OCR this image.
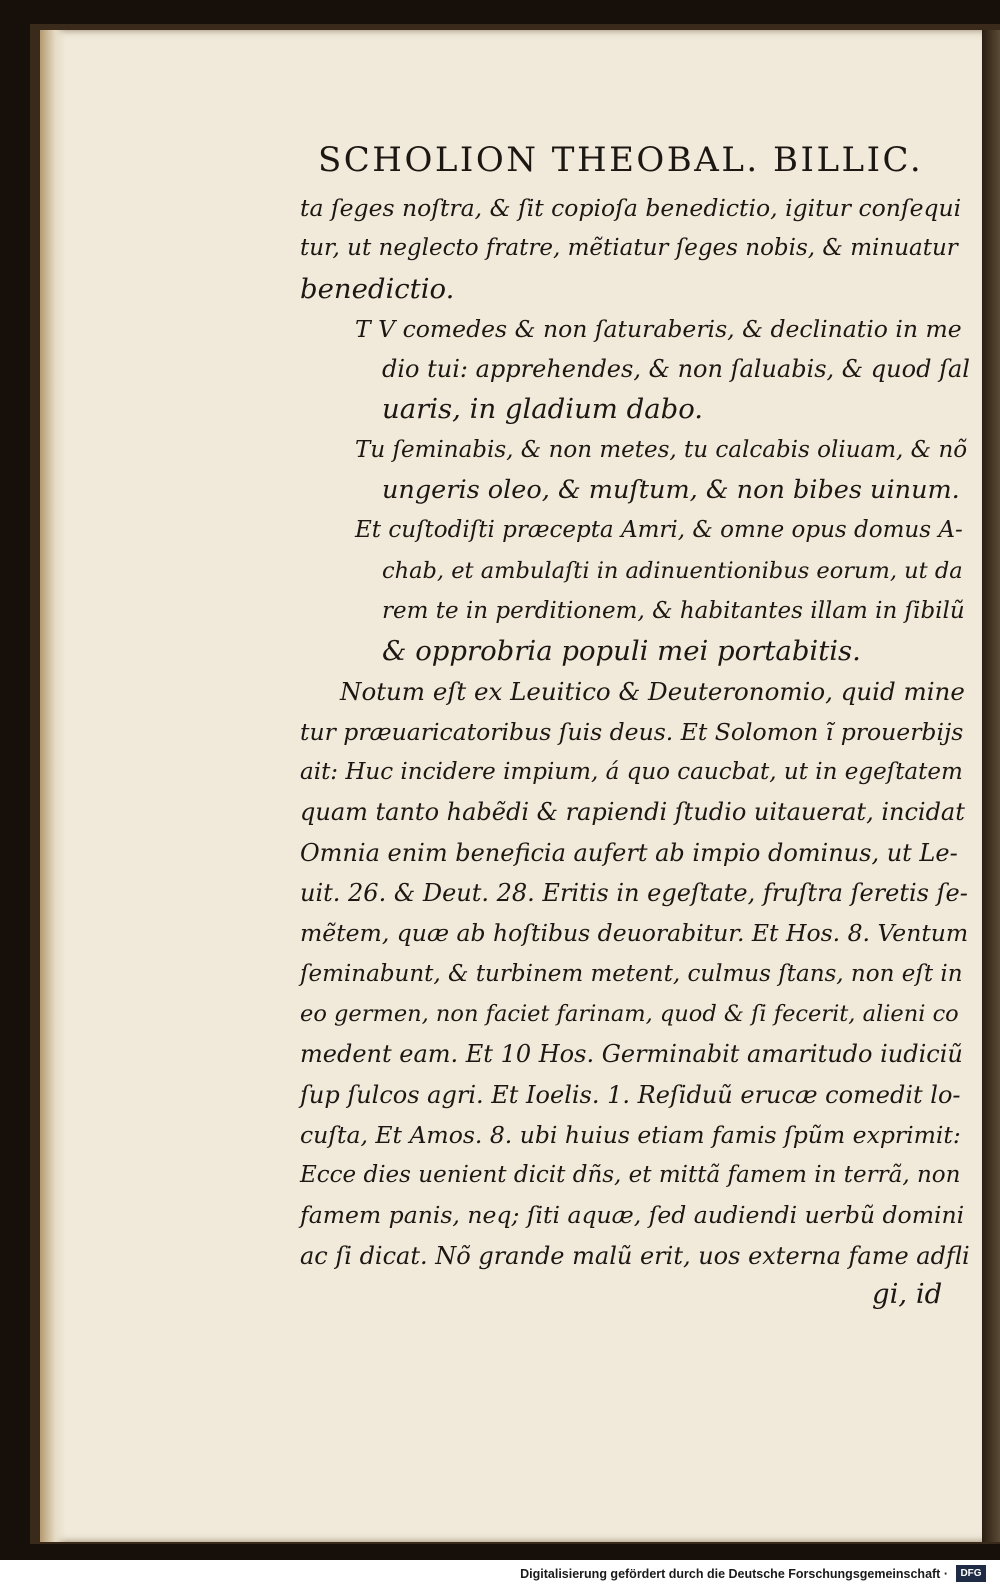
SCHOLION THEOBAL. BILLIC.
ta ſeges noſtra, & ſit copioſa benedictio, igitur conſequi
tur, ut neglecto fratre, mẽtiatur ſeges nobis, & minuatur
benedictio.
T V comedes & non ſaturaberis, & declinatio in me
dio tui: apprehendes, & non ſaluabis, & quod ſal
uaris, in gladium dabo.
Tu ſeminabis, & non metes, tu calcabis oliuam, & nõ
ungeris oleo, & muſtum, & non bibes uinum.
Et cuſtodiſti præcepta Amri, & omne opus domus A-
chab, et ambulaſti in adinuentionibus eorum, ut da
rem te in perditionem, & habitantes illam in ſibilũ
& opprobria populi mei portabitis.
Notum eſt ex Leuitico & Deuteronomio, quid mine
tur præuaricatoribus ſuis deus. Et Solomon ĩ prouerbijs
ait: Huc incidere impium, á quo caucbat, ut in egeſtatem
quam tanto habẽdi & rapiendi ſtudio uitauerat, incidat
Omnia enim beneficia aufert ab impio dominus, ut Le-
uit. 26. & Deut. 28. Eritis in egeſtate, fruſtra ſeretis ſe-
mẽtem, quæ ab hoſtibus deuorabitur. Et Hos. 8. Ventum
ſeminabunt, & turbinem metent, culmus ſtans, non eſt in
eo germen, non faciet farinam, quod & ſi fecerit, alieni co
medent eam. Et 10 Hos. Germinabit amaritudo iudiciũ
ſup ſulcos agri. Et Ioelis. 1. Reſiduũ erucæ comedit lo-
cuſta, Et Amos. 8. ubi huius etiam famis ſpũm exprimit:
Ecce dies uenient dicit dñs, et mittã famem in terrã, non
famem panis, neq; ſiti aquæ, ſed audiendi uerbũ domini
ac ſi dicat. Nõ grande malũ erit, uos externa fame adfli
gi, id
Digitalisierung gefördert durch die Deutsche Forschungsgemeinschaft ·	DFG
